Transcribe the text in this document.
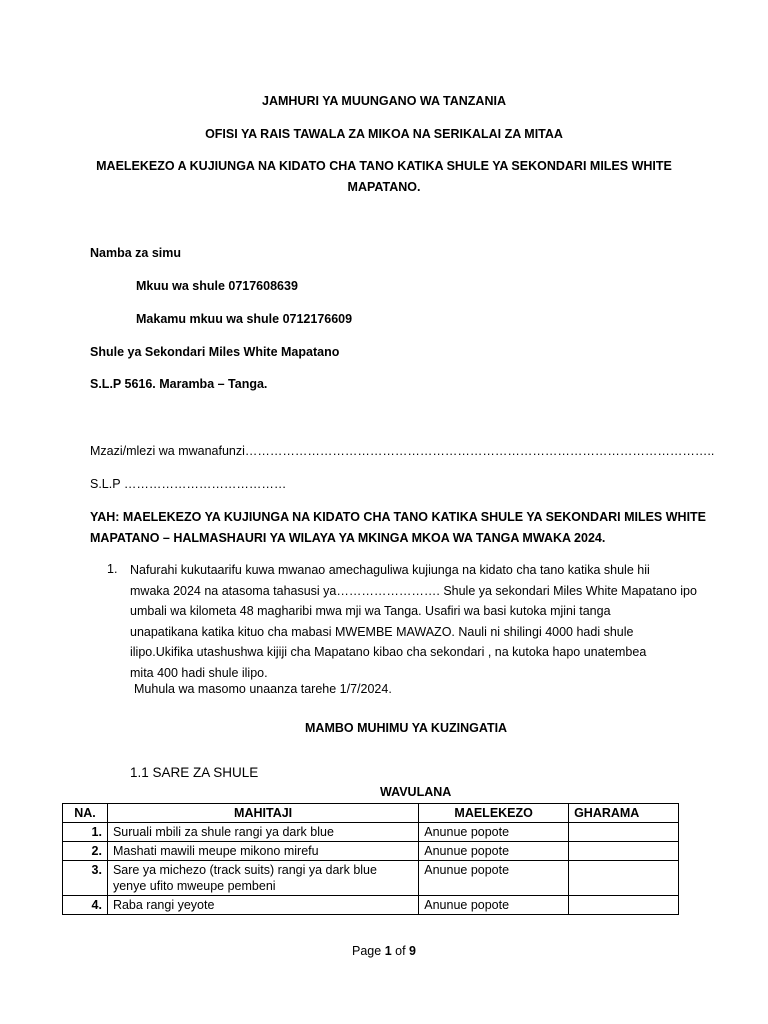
JAMHURI YA MUUNGANO WA TANZANIA
OFISI YA RAIS TAWALA ZA MIKOA NA SERIKALAI ZA MITAA
MAELEKEZO A KUJIUNGA NA KIDATO CHA TANO KATIKA SHULE YA SEKONDARI MILES WHITE
MAPATANO.
Namba za simu
Mkuu wa shule 0717608639
Makamu mkuu wa shule 0712176609
Shule ya Sekondari Miles White Mapatano
S.L.P 5616. Maramba – Tanga.
Mzazi/mlezi wa mwanafunzi…………………………………………………………………………………………………..
S.L.P …………………………………
YAH: MAELEKEZO YA KUJIUNGA NA KIDATO CHA TANO KATIKA SHULE YA SEKONDARI MILES WHITE
MAPATANO – HALMASHAURI YA WILAYA YA MKINGA MKOA WA TANGA MWAKA 2024.
1. Nafurahi kukutaarifu kuwa mwanao amechaguliwa kujiunga na kidato cha tano katika shule hii
mwaka 2024 na atasoma tahasusi ya……………………. Shule ya sekondari Miles White Mapatano ipo
umbali wa kilometa 48 magharibi mwa mji wa Tanga. Usafiri wa basi kutoka mjini tanga
unapatikana katika kituo cha mabasi MWEMBE MAWAZO. Nauli ni shilingi 4000 hadi shule
ilipo.Ukifika utashushwa kijiji cha Mapatano kibao cha sekondari , na kutoka hapo unatembea
mita 400 hadi shule ilipo.
Muhula wa masomo unaanza tarehe 1/7/2024.
MAMBO MUHIMU YA KUZINGATIA
1.1 SARE ZA SHULE
WAVULANA
NA.	MAHITAJI	MAELEKEZO	GHARAMA
1.	Suruali mbili za shule rangi ya dark blue	Anunue popote	
2.	Mashati mawili meupe mikono mirefu	Anunue popote	
3.	Sare ya michezo (track suits) rangi ya dark blue
yenye ufito mweupe pembeni	Anunue popote	
4.	Raba rangi yeyote	Anunue popote	
Page 1 of 9
